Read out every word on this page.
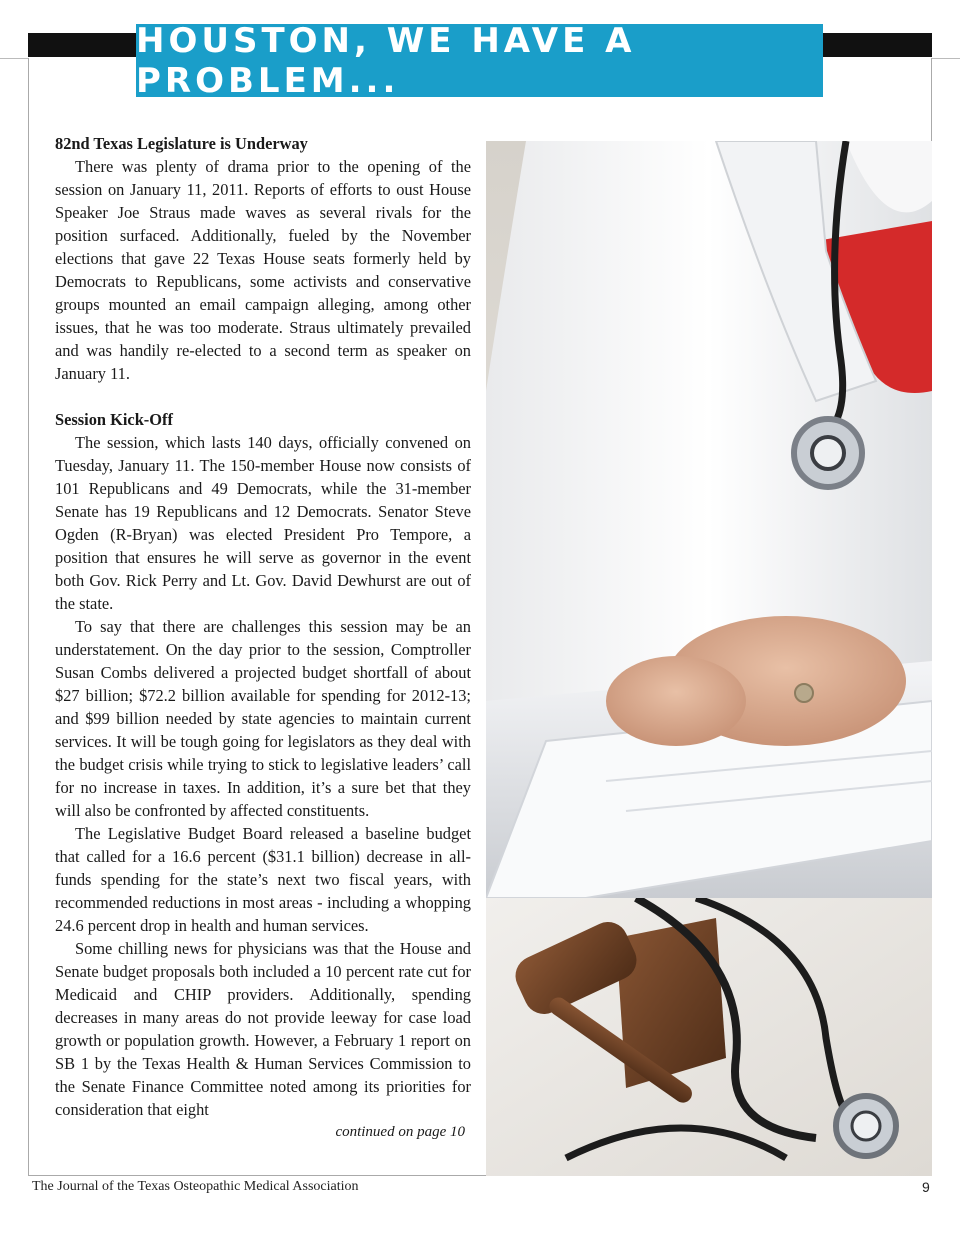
HOUSTON, WE HAVE A PROBLEM...
82nd Texas Legislature is Underway

There was plenty of drama prior to the opening of the session on January 11, 2011. Reports of efforts to oust House Speaker Joe Straus made waves as several rivals for the position surfaced. Additionally, fueled by the November elections that gave 22 Texas House seats formerly held by Democrats to Republicans, some activists and conservative groups mounted an email campaign alleging, among other issues, that he was too moderate. Straus ultimately prevailed and was handily re-elected to a second term as speaker on January 11.

Session Kick-Off

The session, which lasts 140 days, officially convened on Tuesday, January 11. The 150-member House now consists of 101 Republicans and 49 Democrats, while the 31-member Senate has 19 Republicans and 12 Democrats. Senator Steve Ogden (R-Bryan) was elected President Pro Tempore, a position that ensures he will serve as governor in the event both Gov. Rick Perry and Lt. Gov. David Dewhurst are out of the state.

To say that there are challenges this session may be an understatement. On the day prior to the session, Comptroller Susan Combs delivered a projected budget shortfall of about $27 billion; $72.2 billion available for spending for 2012-13; and $99 billion needed by state agencies to maintain current services. It will be tough going for legislators as they deal with the budget crisis while trying to stick to legislative leaders’ call for no increase in taxes. In addition, it’s a sure bet that they will also be confronted by affected constituents.

The Legislative Budget Board released a baseline budget that called for a 16.6 percent ($31.1 billion) decrease in all-funds spending for the state’s next two fiscal years, with recommended reductions in most areas - including a whopping 24.6 percent drop in health and human services.

Some chilling news for physicians was that the House and Senate budget proposals both included a 10 percent rate cut for Medicaid and CHIP providers. Additionally, spending decreases in many areas do not provide leeway for case load growth or population growth. However, a February 1 report on SB 1 by the Texas Health & Human Services Commission to the Senate Finance Committee noted among its priorities for consideration that eight

continued on page 10
The Journal of the Texas Osteopathic Medical Association	9
